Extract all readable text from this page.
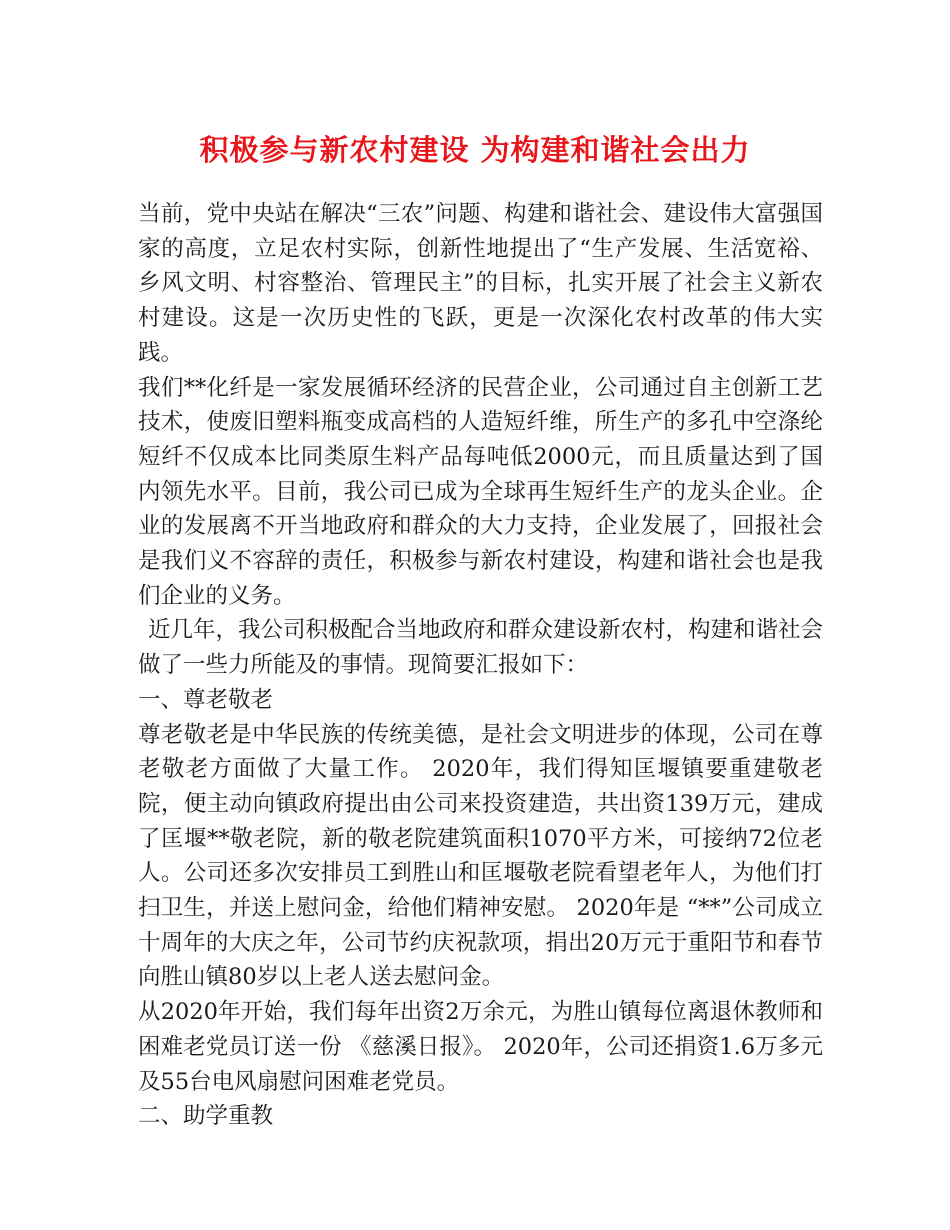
积极参与新农村建设 为构建和谐社会出力

当前，党中央站在解决“三农”问题、构建和谐社会、建设伟大富强国家的高度，立足农村实际，创新性地提出了“生产发展、生活宽裕、乡风文明、村容整治、管理民主”的目标，扎实开展了社会主义新农村建设。这是一次历史性的飞跃，更是一次深化农村改革的伟大实践。

我们**化纤是一家发展循环经济的民营企业，公司通过自主创新工艺技术，使废旧塑料瓶变成高档的人造短纤维，所生产的多孔中空涤纶短纤不仅成本比同类原生料产品每吨低2000元，而且质量达到了国内领先水平。目前，我公司已成为全球再生短纤生产的龙头企业。企业的发展离不开当地政府和群众的大力支持，企业发展了，回报社会是我们义不容辞的责任，积极参与新农村建设，构建和谐社会也是我们企业的义务。

近几年，我公司积极配合当地政府和群众建设新农村，构建和谐社会做了一些力所能及的事情。现简要汇报如下：

一、尊老敬老

尊老敬老是中华民族的传统美德，是社会文明进步的体现，公司在尊老敬老方面做了大量工作。 2020年，我们得知匡堰镇要重建敬老院，便主动向镇政府提出由公司来投资建造，共出资139万元，建成了匡堰**敬老院，新的敬老院建筑面积1070平方米，可接纳72位老人。公司还多次安排员工到胜山和匡堰敬老院看望老年人，为他们打扫卫生，并送上慰问金，给他们精神安慰。 2020年是 “**”公司成立十周年的大庆之年，公司节约庆祝款项，捐出20万元于重阳节和春节向胜山镇80岁以上老人送去慰问金。

从2020年开始，我们每年出资2万余元，为胜山镇每位离退休教师和困难老党员订送一份 《慈溪日报》。 2020年，公司还捐资1.6万多元及55台电风扇慰问困难老党员。

二、助学重教
